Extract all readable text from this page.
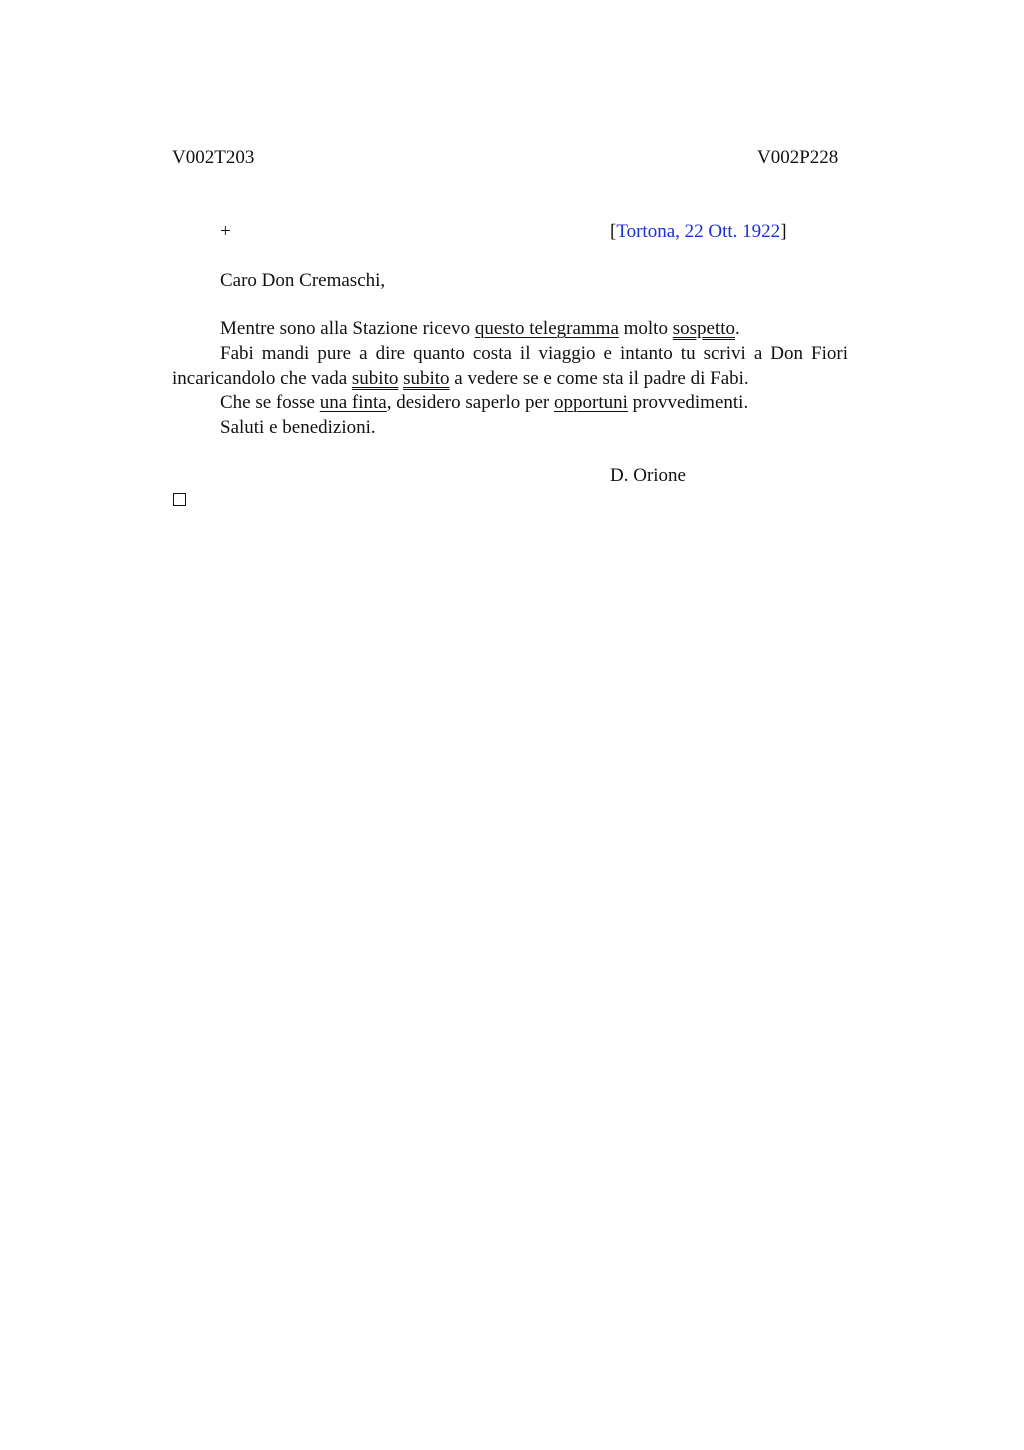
V002T203	V002P228
+	[Tortona, 22 Ott. 1922]
Caro Don Cremaschi,
Mentre sono alla Stazione ricevo questo telegramma molto sospetto.
Fabi mandi pure a dire quanto costa il viaggio e intanto tu scrivi a Don Fiori incaricandolo che vada subito subito a vedere se e come sta il padre di Fabi.
Che se fosse una finta, desidero saperlo per opportuni provvedimenti.
Saluti e benedizioni.
D. Orione
